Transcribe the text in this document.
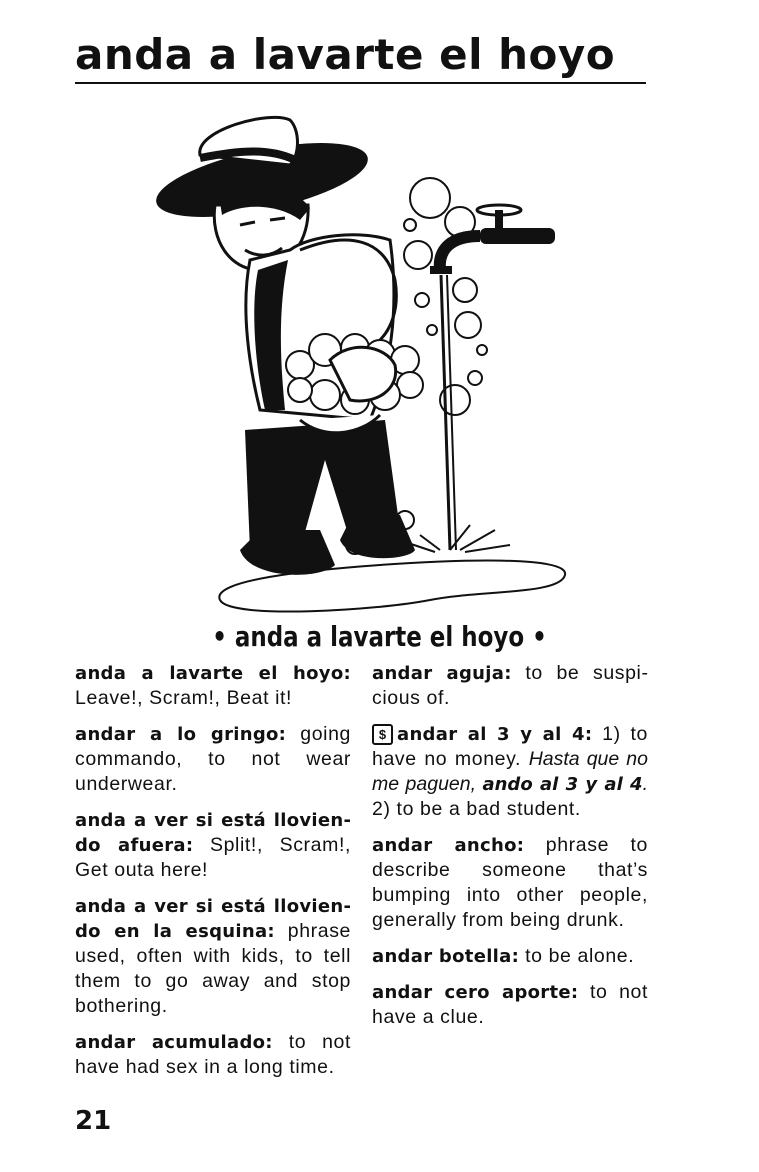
anda a lavarte el hoyo
• anda a lavarte el hoyo •

anda a lavarte el hoyo: Leave!, Scram!, Beat it!

andar a lo gringo: going commando, to not wear underwear.

anda a ver si está lloviendo afuera: Split!, Scram!, Get outa here!

anda a ver si está lloviendo en la esquina: phrase used, often with kids, to tell them to go away and stop bothering.

andar acumulado: to not have had sex in a long time.

andar aguja: to be suspicious of.

$ andar al 3 y al 4: 1) to have no money. Hasta que no me paguen, ando al 3 y al 4. 2) to be a bad student.

andar ancho: phrase to describe someone that’s bumping into other people, generally from being drunk.

andar botella: to be alone.

andar cero aporte: to not have a clue.

21
